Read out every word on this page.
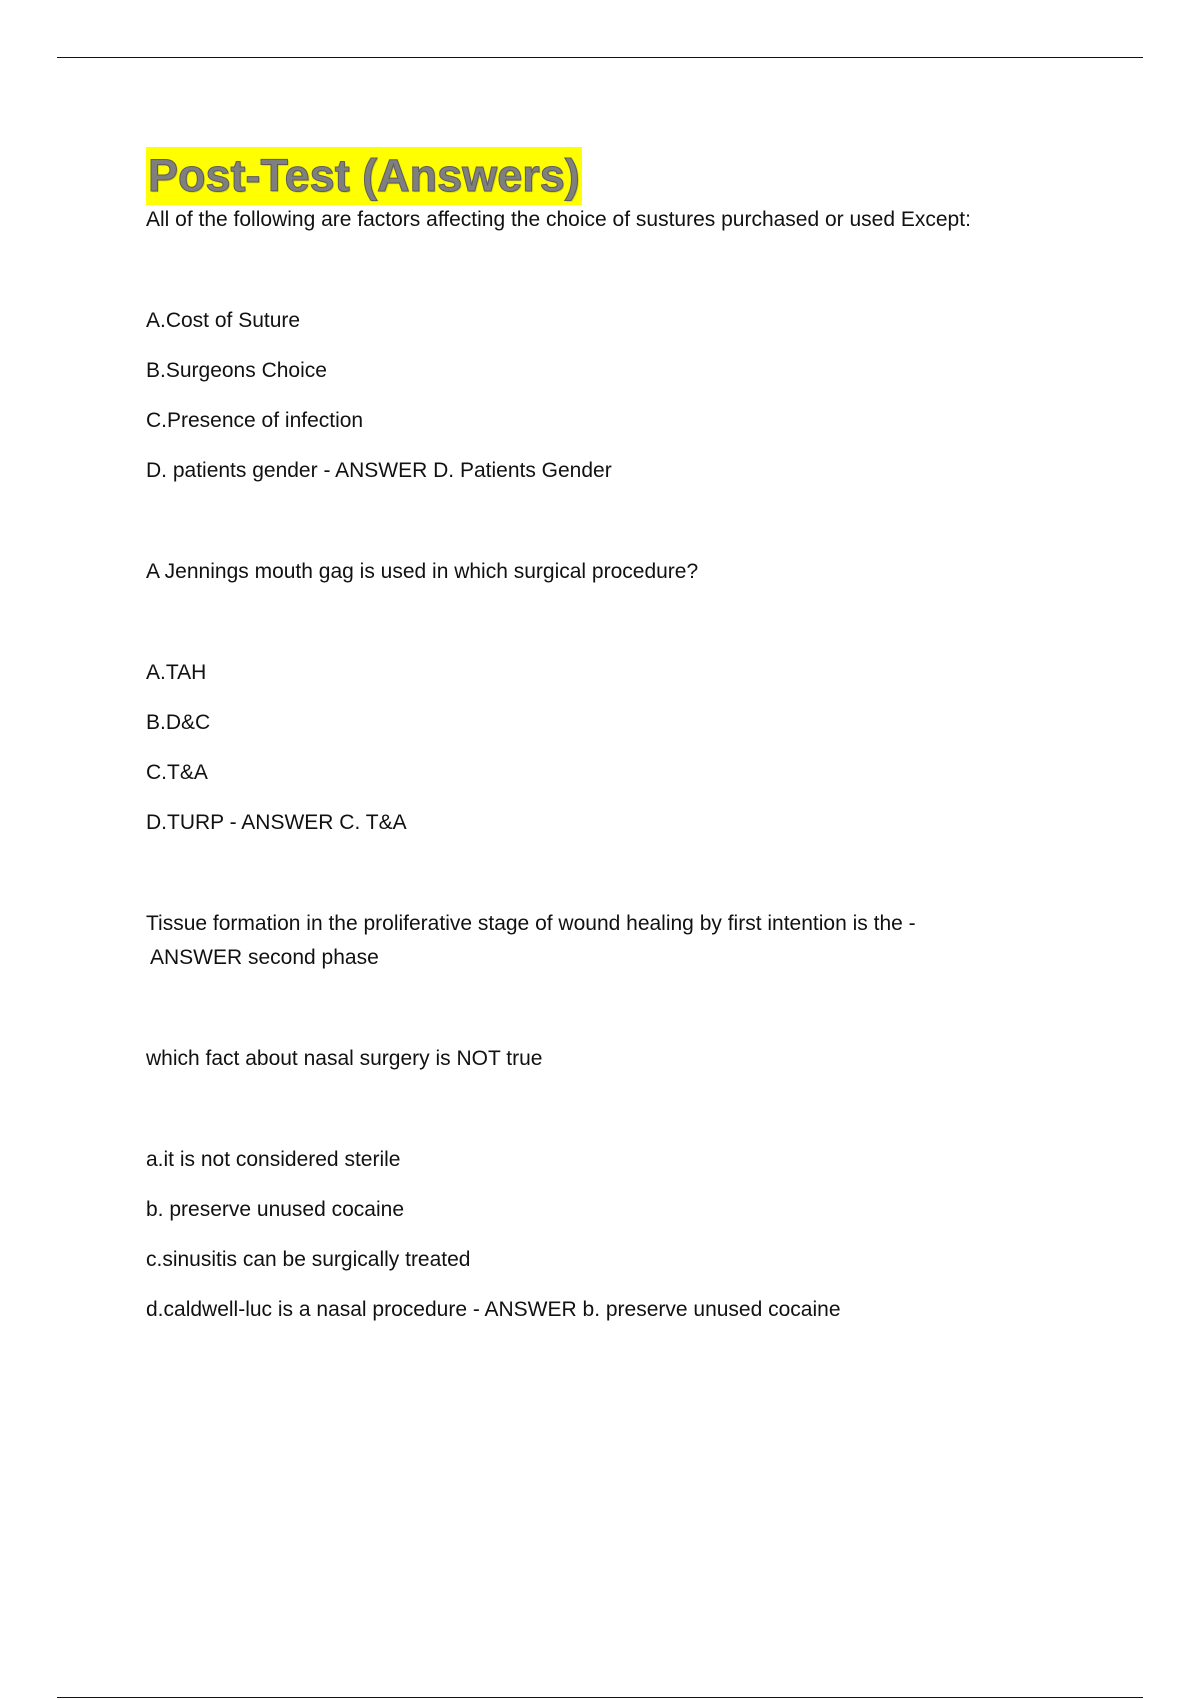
Post-Test (Answers)

All of the following are factors affecting the choice of sustures purchased or used Except:

A.Cost of Suture

B.Surgeons Choice

C.Presence of infection

D. patients gender - ANSWER D. Patients Gender

A Jennings mouth gag is used in which surgical procedure?

A.TAH

B.D&C

C.T&A

D.TURP - ANSWER C. T&A

Tissue formation in the proliferative stage of wound healing by first intention is the -

ANSWER second phase

which fact about nasal surgery is NOT true

a.it is not considered sterile

b. preserve unused cocaine

c.sinusitis can be surgically treated

d.caldwell-luc is a nasal procedure - ANSWER b. preserve unused cocaine
